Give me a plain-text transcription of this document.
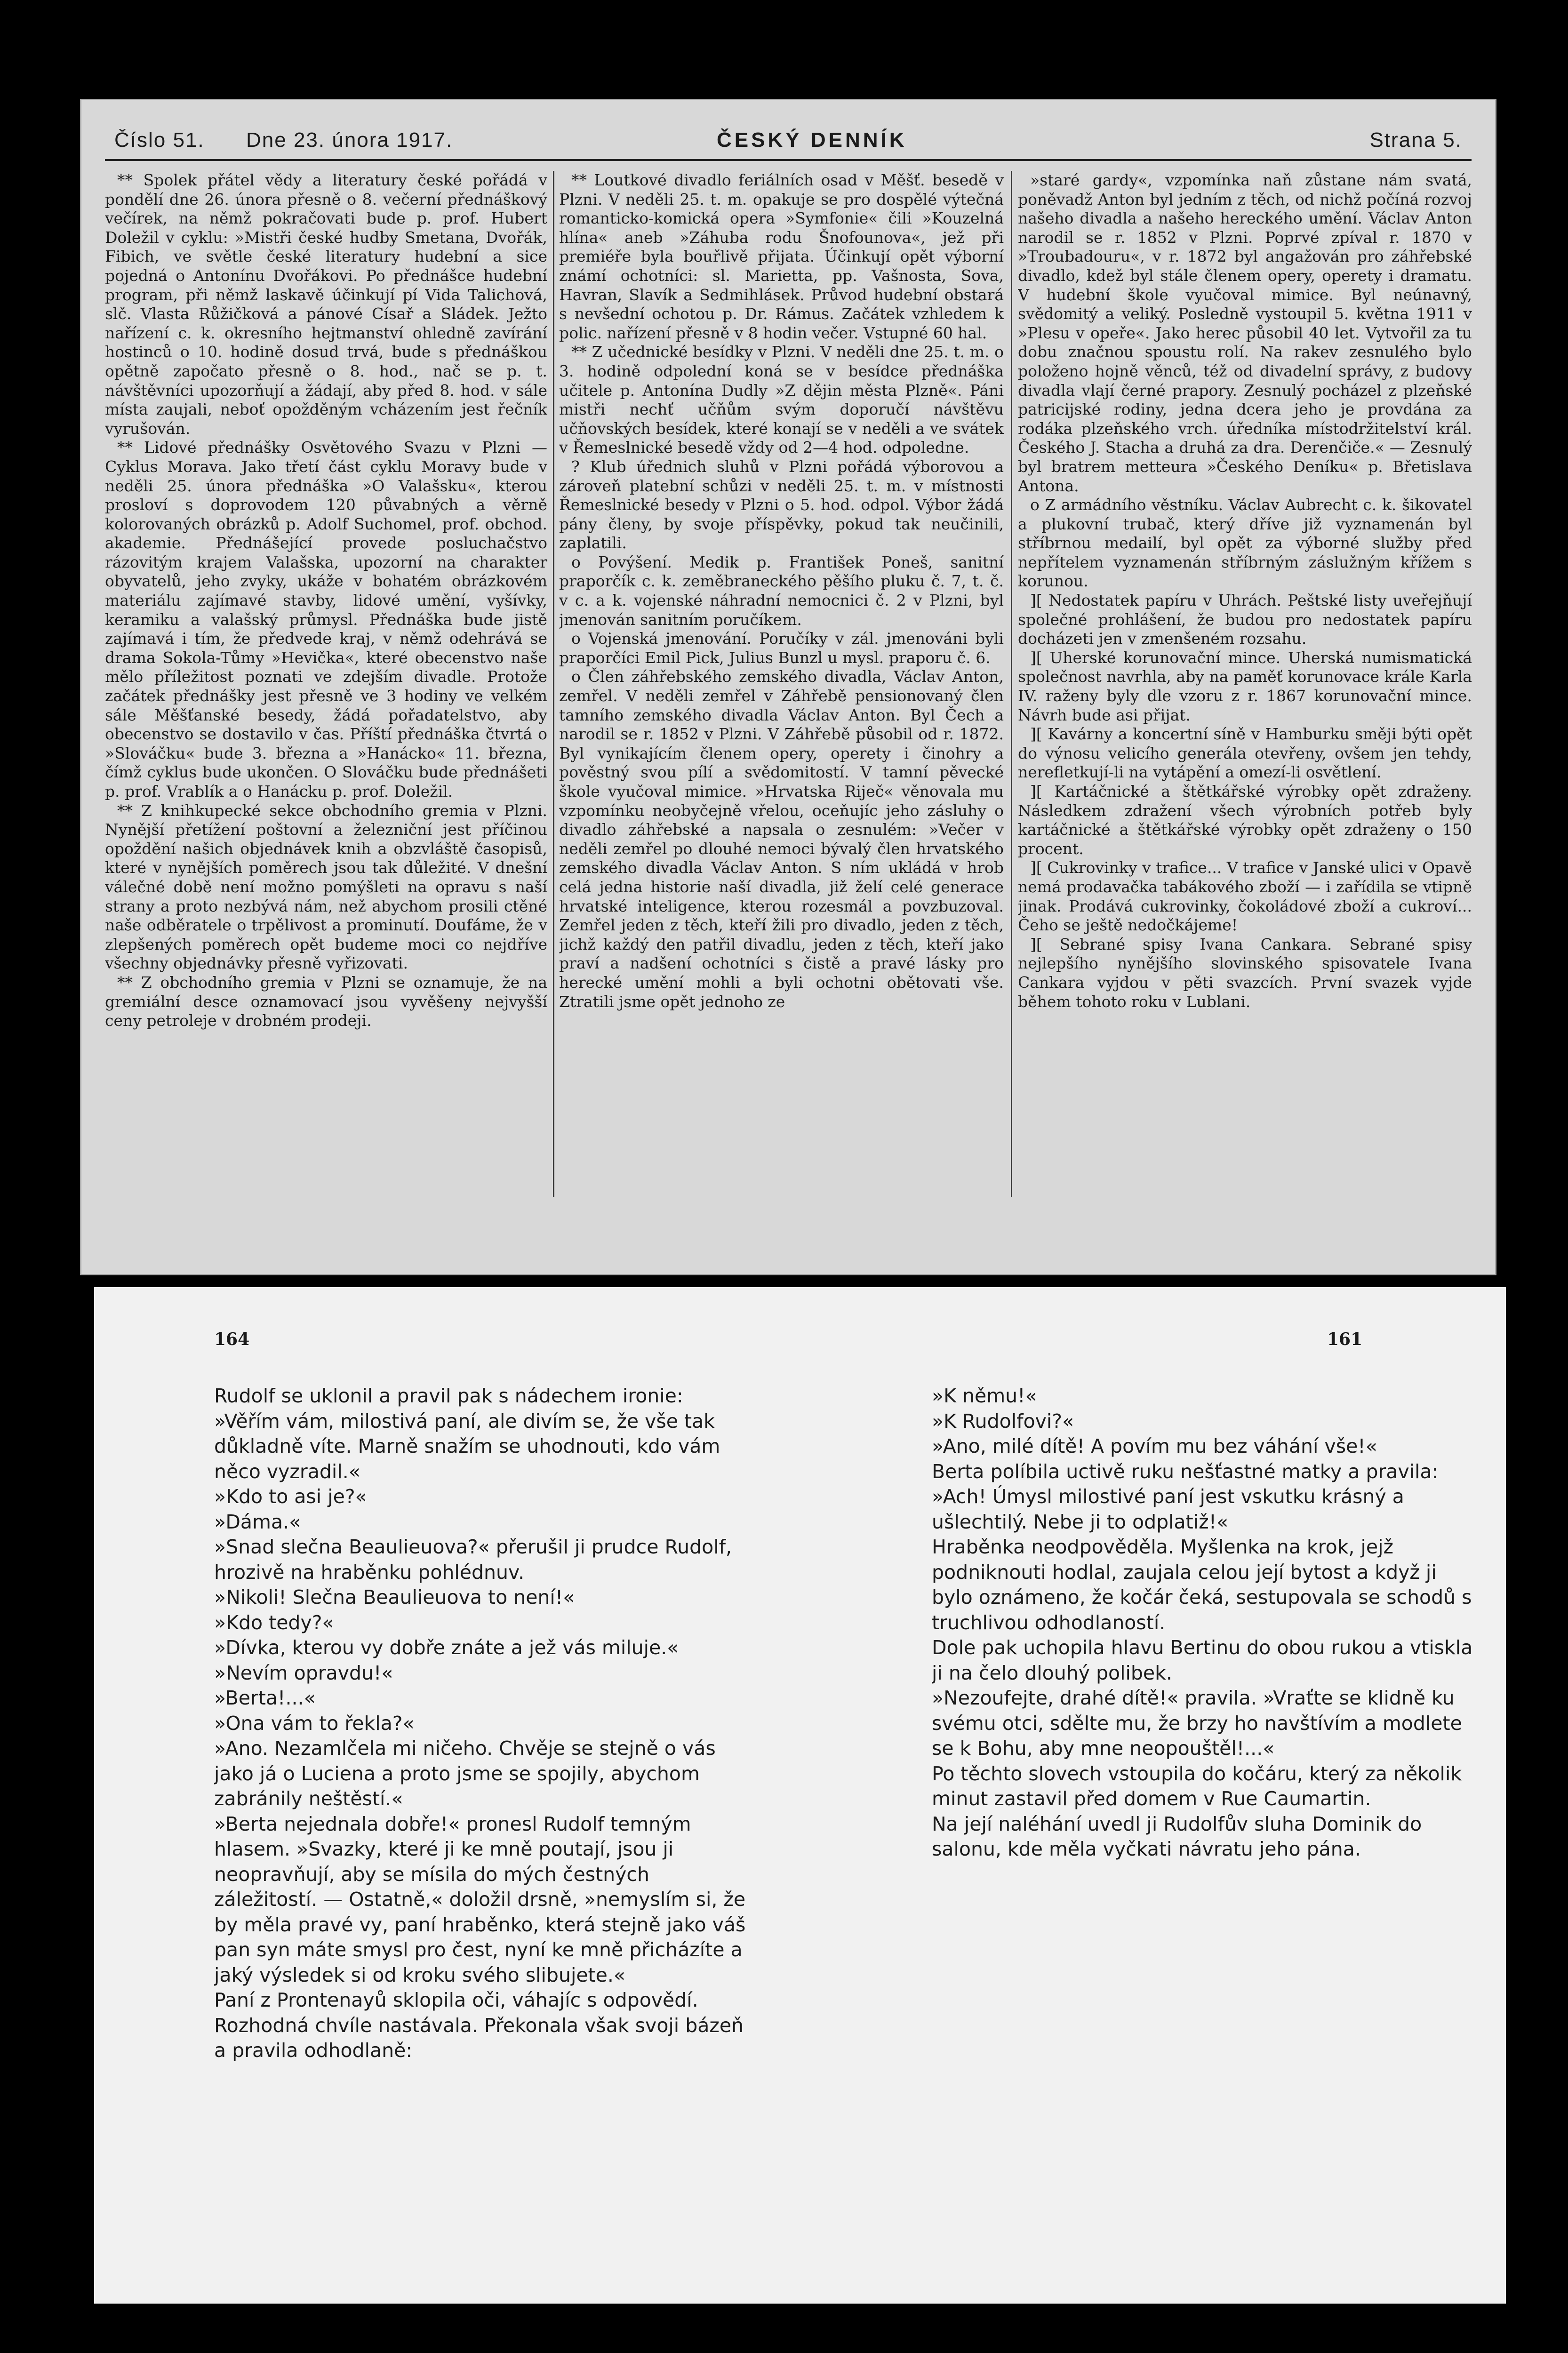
Číslo 51. Dne 23. února 1917.	ČESKÝ DENNÍK	Strana 5.

** Spolek přátel vědy a literatury české pořádá v pondělí dne 26. února přesně o 8. večerní přednáškový večírek, na němž pokračovati bude p. prof. Hubert Doležil v cyklu: »Mistři české hudby Smetana, Dvořák, Fibich, ve světle české literatury hudební a sice pojedná o Antonínu Dvořákovi. Po přednášce hudební program, při němž laskavě účinkují pí Vida Talichová, slč. Vlasta Růžičková a pánové Císař a Sládek. Ježto nařízení c. k. okresního hejtmanství ohledně zavírání hostinců o 10. hodině dosud trvá, bude s přednáškou opětně započato přesně o 8. hod., nač se p. t. návštěvníci upozorňují a žádají, aby před 8. hod. v sále místa zaujali, neboť opožděným vcházením jest řečník vyrušován.

** Lidové přednášky Osvětového Svazu v Plzni — Cyklus Morava. Jako třetí část cyklu Moravy bude v neděli 25. února přednáška »O Valašsku«, kterou prosloví s doprovodem 120 půvabných a věrně kolorovaných obrázků p. Adolf Suchomel, prof. obchod. akademie. Přednášející provede posluchačstvo rázovitým krajem Valašska, upozorní na charakter obyvatelů, jeho zvyky, ukáže v bohatém obrázkovém materiálu zajímavé stavby, lidové umění, vyšívky, keramiku a valašský průmysl. Přednáška bude jistě zajímavá i tím, že předvede kraj, v němž odehrává se drama Sokola-Tůmy »Hevička«, které obecenstvo naše mělo příležitost poznati ve zdejším divadle. Protože začátek přednášky jest přesně ve 3 hodiny ve velkém sále Měšťanské besedy, žádá pořadatelstvo, aby obecenstvo se dostavilo v čas. Příští přednáška čtvrtá o »Slováčku« bude 3. března a »Hanácko« 11. března, čímž cyklus bude ukončen. O Slováčku bude přednášeti p. prof. Vrablík a o Hanácku p. prof. Doležil.

** Z knihkupecké sekce obchodního gremia v Plzni. Nynější přetížení poštovní a železniční jest příčinou opoždění našich objednávek knih a obzvláště časopisů, které v nynějších poměrech jsou tak důležité. V dnešní válečné době není možno pomýšleti na opravu s naší strany a proto nezbývá nám, než abychom prosili ctěné naše odběratele o trpělivost a prominutí. Doufáme, že v zlepšených poměrech opět budeme moci co nejdříve všechny objednávky přesně vyřizovati.

** Z obchodního gremia v Plzni se oznamuje, že na gremiální desce oznamovací jsou vyvěšeny nejvyšší ceny petroleje v drobném prodeji.

** Loutkové divadlo feriálních osad v Měšť. besedě v Plzni. V neděli 25. t. m. opakuje se pro dospělé výtečná romanticko-komická opera »Symfonie« čili »Kouzelná hlína« aneb »Záhuba rodu Šnofounova«, jež při premiéře byla bouřlivě přijata. Účinkují opět výborní známí ochotníci: sl. Marietta, pp. Vašnosta, Sova, Havran, Slavík a Sedmihlásek. Průvod hudební obstará s nevšední ochotou p. Dr. Rámus. Začátek vzhledem k polic. nařízení přesně v 8 hodin večer. Vstupné 60 hal.

** Z učednické besídky v Plzni. V neděli dne 25. t. m. o 3. hodině odpolední koná se v besídce přednáška učitele p. Antonína Dudly »Z dějin města Plzně«. Páni mistři nechť učňům svým doporučí návštěvu učňovských besídek, které konají se v neděli a ve svátek v Řemeslnické besedě vždy od 2—4 hod. odpoledne.

? Klub úřednich sluhů v Plzni pořádá výborovou a zároveň platební schůzi v neděli 25. t. m. v místnosti Řemeslnické besedy v Plzni o 5. hod. odpol. Výbor žádá pány členy, by svoje příspěvky, pokud tak neučinili, zaplatili.

o Povýšení. Medik p. František Poneš, sanitní praporčík c. k. zeměbraneckého pěšího pluku č. 7, t. č. v c. a k. vojenské náhradní nemocnici č. 2 v Plzni, byl jmenován sanitním poručíkem.

o Vojenská jmenování. Poručíky v zál. jmenováni byli praporčíci Emil Pick, Julius Bunzl u mysl. praporu č. 6.

o Člen záhřebského zemského divadla, Václav Anton, zemřel. V neděli zemřel v Záhřebě pensionovaný člen tamního zemského divadla Václav Anton. Byl Čech a narodil se r. 1852 v Plzni. V Záhřebě působil od r. 1872. Byl vynikajícím členem opery, operety i činohry a pověstný svou pílí a svědomitostí. V tamní pěvecké škole vyučoval mimice. »Hrvatska Riječ« věnovala mu vzpomínku neobyčejně vřelou, oceňujíc jeho zásluhy o divadlo záhřebské a napsala o zesnulém: »Večer v neděli zemřel po dlouhé nemoci bývalý člen hrvatského zemského divadla Václav Anton. S ním ukládá v hrob celá jedna historie naší divadla, již želí celé generace hrvatské inteligence, kterou rozesmál a povzbuzoval. Zemřel jeden z těch, kteří žili pro divadlo, jeden z těch, jichž každý den patřil divadlu, jeden z těch, kteří jako praví a nadšení ochotníci s čistě a pravé lásky pro herecké umění mohli a byli ochotni obětovati vše. Ztratili jsme opět jednoho ze

»staré gardy«, vzpomínka naň zůstane nám svatá, poněvadž Anton byl jedním z těch, od nichž počíná rozvoj našeho divadla a našeho hereckého umění. Václav Anton narodil se r. 1852 v Plzni. Poprvé zpíval r. 1870 v »Troubadouru«, v r. 1872 byl angažován pro záhřebské divadlo, kdež byl stále členem opery, operety i dramatu. V hudební škole vyučoval mimice. Byl neúnavný, svědomitý a veliký. Posledně vystoupil 5. května 1911 v »Plesu v opeře«. Jako herec působil 40 let. Vytvořil za tu dobu značnou spoustu rolí. Na rakev zesnulého bylo položeno hojně věnců, též od divadelní správy, z budovy divadla vlají černé prapory. Zesnulý pocházel z plzeňské patricijské rodiny, jedna dcera jeho je provdána za rodáka plzeňského vrch. úředníka místodržitelství král. Českého J. Stacha a druhá za dra. Derenčiče.« — Zesnulý byl bratrem metteura »Českého Deníku« p. Břetislava Antona.

o Z armádního věstníku. Václav Aubrecht c. k. šikovatel a plukovní trubač, který dříve již vyznamenán byl stříbrnou medailí, byl opět za výborné služby před nepřítelem vyznamenán stříbrným záslužným křížem s korunou.

][ Nedostatek papíru v Uhrách. Peštské listy uveřejňují společné prohlášení, že budou pro nedostatek papíru docházeti jen v zmenšeném rozsahu.

][ Uherské korunovační mince. Uherská numismatická společnost navrhla, aby na paměť korunovace krále Karla IV. raženy byly dle vzoru z r. 1867 korunovační mince. Návrh bude asi přijat.

][ Kavárny a koncertní síně v Hamburku směji býti opět do výnosu velicího generála otevřeny, ovšem jen tehdy, nerefletkují-li na vytápění a omezí-li osvětlení.

][ Kartáčnické a štětkářské výrobky opět zdraženy. Následkem zdražení všech výrobních potřeb byly kartáčnické a štětkářské výrobky opět zdraženy o 150 procent.

][ Cukrovinky v trafice... V trafice v Janské ulici v Opavě nemá prodavačka tabákového zboží — i zařídila se vtipně jinak. Prodává cukrovinky, čokoládové zboží a cukroví... Čeho se ještě nedočkájeme!

][ Sebrané spisy Ivana Cankara. Sebrané spisy nejlepšího nynějšího slovinského spisovatele Ivana Cankara vyjdou v pěti svazcích. První svazek vyjde během tohoto roku v Lublani.

164	161

Rudolf se uklonil a pravil pak s nádechem ironie:

»Věřím vám, milostivá paní, ale divím se, že vše tak důkladně víte. Marně snažím se uhodnouti, kdo vám něco vyzradil.«

»Kdo to asi je?«

»Dáma.«

»Snad slečna Beaulieuova?« přerušil ji prudce Rudolf, hrozivě na hraběnku pohlédnuv.

»Nikoli! Slečna Beaulieuova to není!«

»Kdo tedy?«

»Dívka, kterou vy dobře znáte a jež vás miluje.«

»Nevím opravdu!«

»Berta!...«

»Ona vám to řekla?«

»Ano. Nezamlčela mi ničeho. Chvěje se stejně o vás jako já o Luciena a proto jsme se spojily, abychom zabránily neštěstí.«

»Berta nejednala dobře!« pronesl Rudolf temným hlasem. »Svazky, které ji ke mně poutají, jsou ji neopravňují, aby se mísila do mých čestných záležitostí. — Ostatně,« doložil drsně, »nemyslím si, že by měla pravé vy, paní hraběnko, která stejně jako váš pan syn máte smysl pro čest, nyní ke mně přicházíte a jaký výsledek si od kroku svého slibujete.«

Paní z Prontenayů sklopila oči, váhajíc s odpovědí. Rozhodná chvíle nastávala. Překonala však svoji bázeň a pravila odhodlaně:

»K němu!«

»K Rudolfovi?«

»Ano, milé dítě! A povím mu bez váhání vše!«

Berta políbila uctivě ruku nešťastné matky a pravila:

»Ach! Úmysl milostivé paní jest vskutku krásný a ušlechtilý. Nebe ji to odplatiž!«

Hraběnka neodpověděla. Myšlenka na krok, jejž podniknouti hodlal, zaujala celou její bytost a když ji bylo oznámeno, že kočár čeká, sestupovala se schodů s truchlivou odhodlaností.

Dole pak uchopila hlavu Bertinu do obou rukou a vtiskla ji na čelo dlouhý polibek.

»Nezoufejte, drahé dítě!« pravila. »Vraťte se klidně ku svému otci, sdělte mu, že brzy ho navštívím a modlete se k Bohu, aby mne neopouštěl!...«

Po těchto slovech vstoupila do kočáru, který za několik minut zastavil před domem v Rue Caumartin.

Na její naléhání uvedl ji Rudolfův sluha Dominik do salonu, kde měla vyčkati návratu jeho pána.
